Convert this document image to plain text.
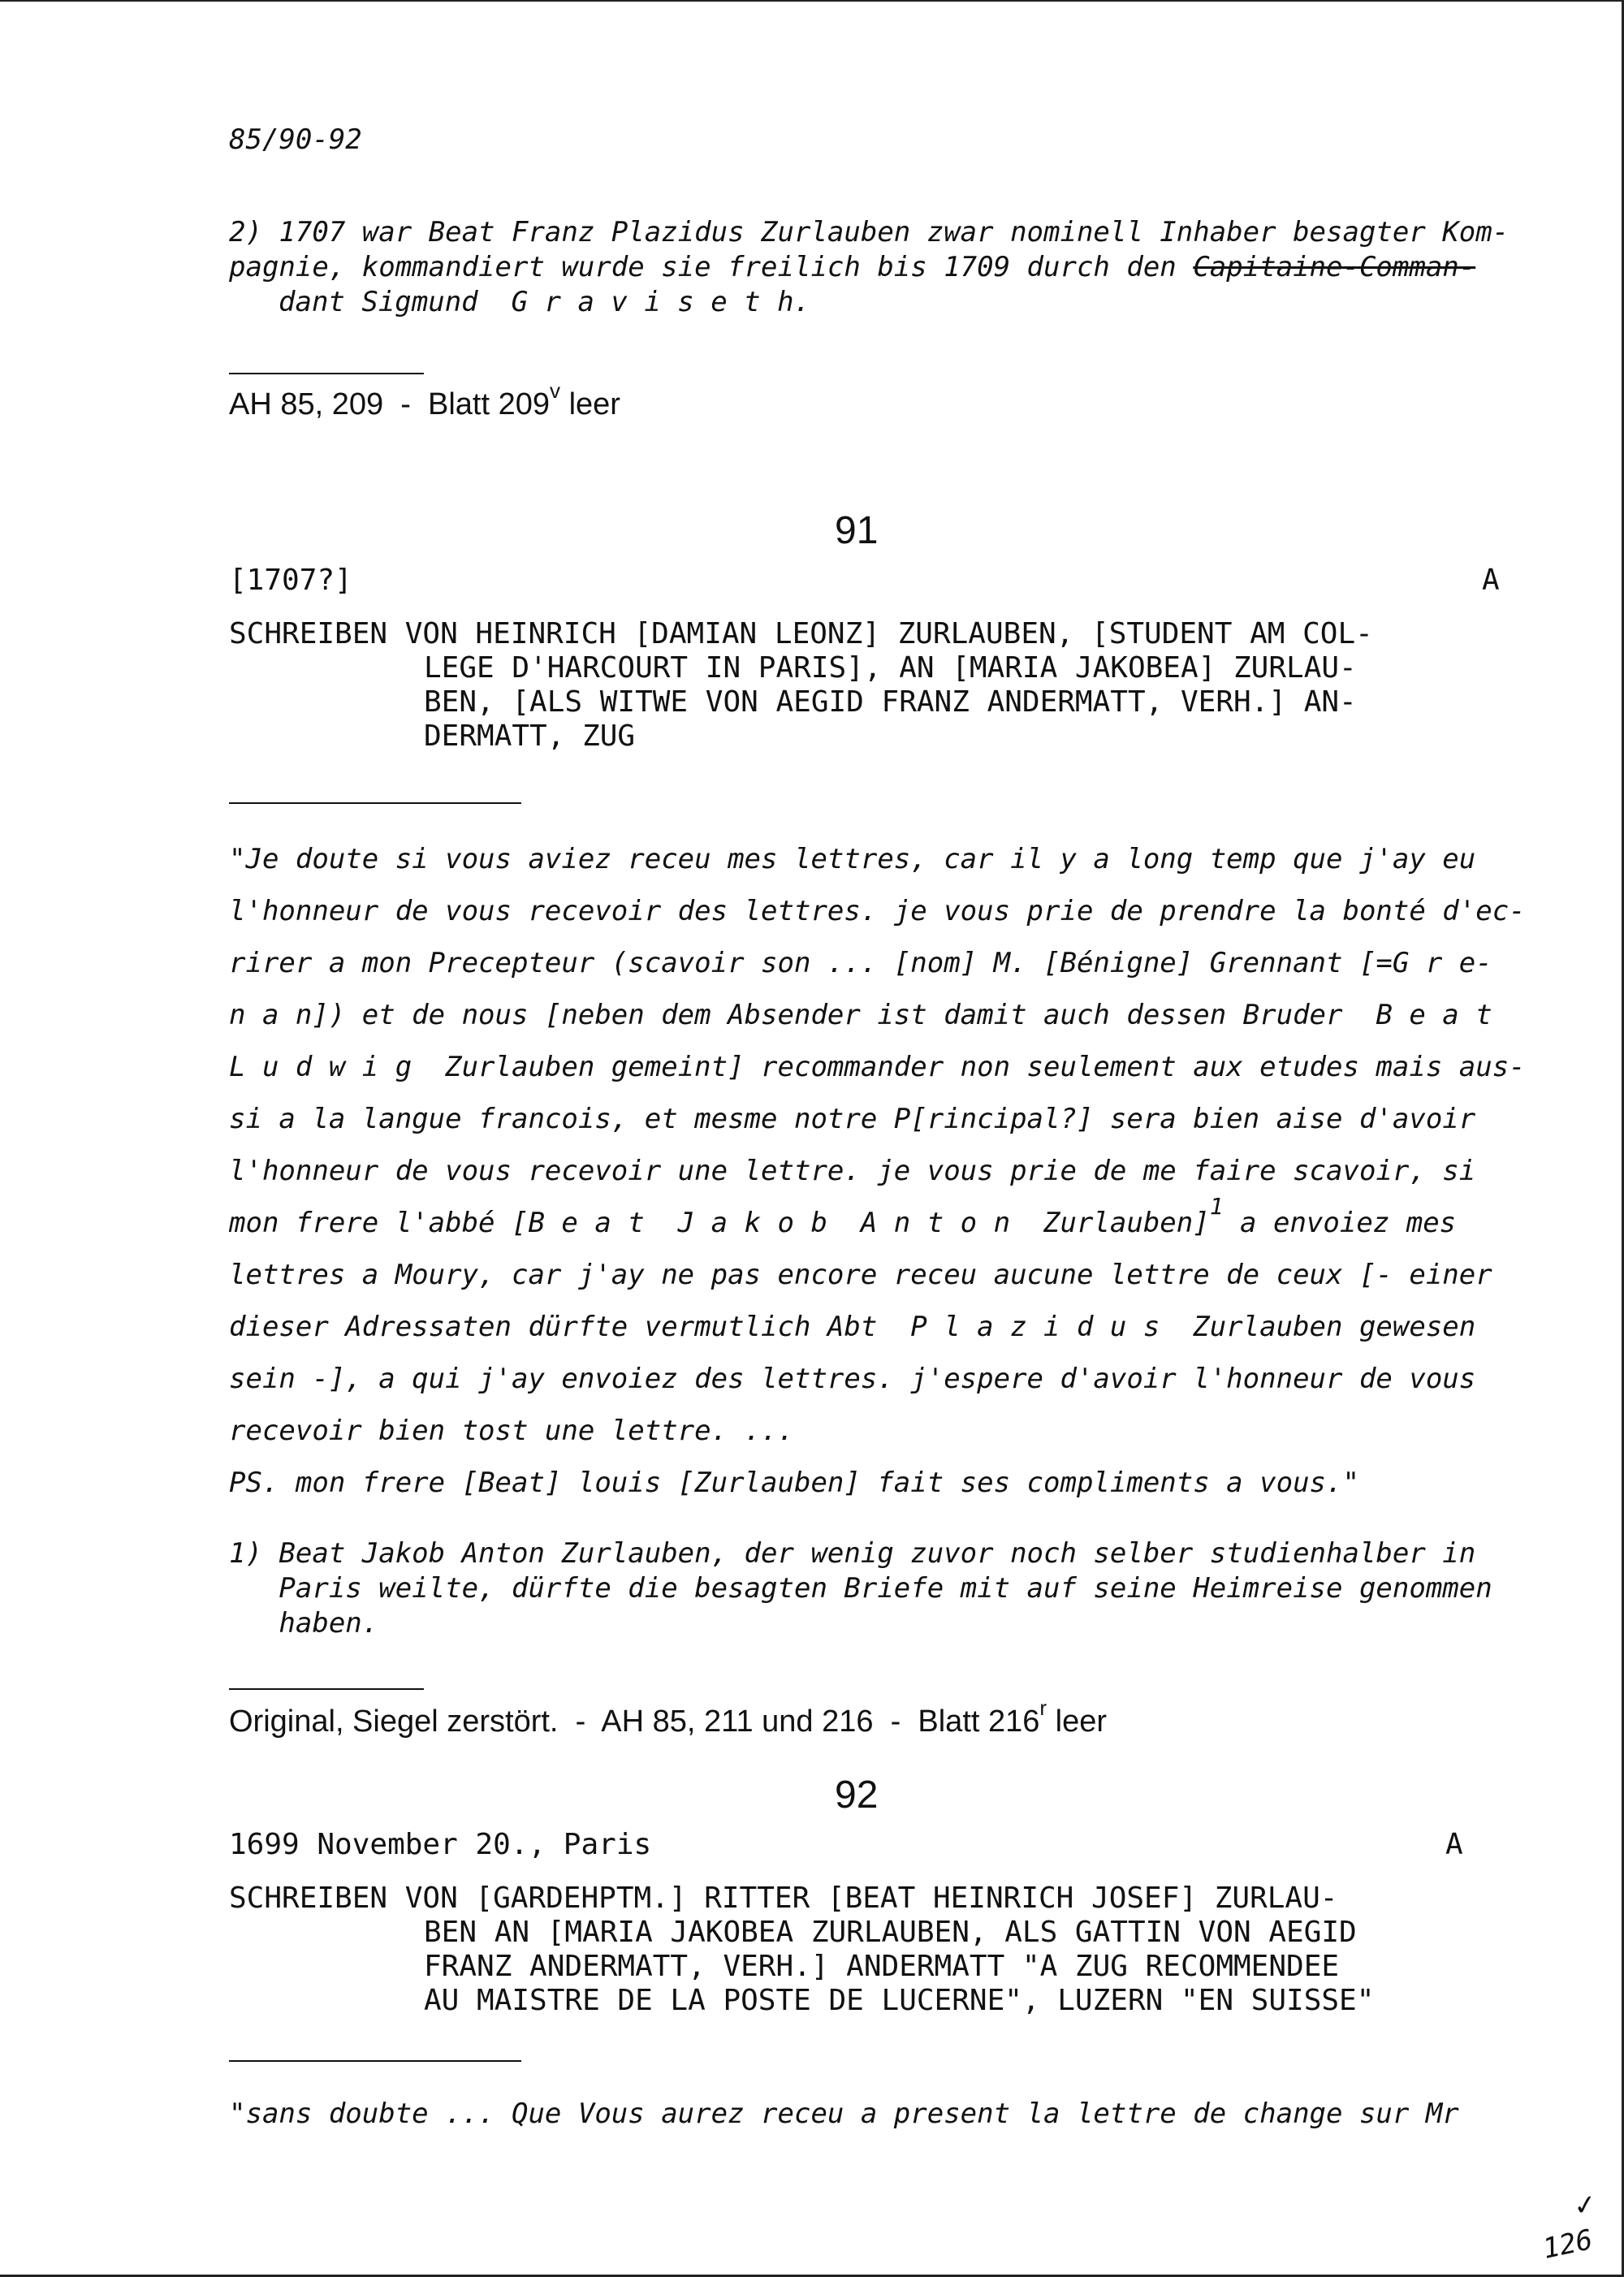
85/90-92
2) 1707 war Beat Franz Plazidus Zurlauben zwar nominell Inhaber besagter Kom-
pagnie, kommandiert wurde sie freilich bis 1709 durch den Capitaine-Comman-
dant Sigmund  G r a v i s e t h.
AH 85, 209  -  Blatt 209$^v$ leer
91
[1707?]	A
SCHREIBEN VON HEINRICH [DAMIAN LEONZ] ZURLAUBEN, [STUDENT AM COL-
LEGE D'HARCOURT IN PARIS], AN [MARIA JAKOBEA] ZURLAU-
BEN, [ALS WITWE VON AEGID FRANZ ANDERMATT, VERH.] AN-
DERMATT, ZUG
"Je doute si vous aviez receu mes lettres, car il y a long temp que j'ay eu
l'honneur de vous recevoir des lettres. je vous prie de prendre la bonté d'ec-
rirer a mon Precepteur (scavoir son ... [nom] M. [Bénigne] Grennant [=G r e-
n a n]) et de nous [neben dem Absender ist damit auch dessen Bruder  B e a t
L u d w i g  Zurlauben gemeint] recommander non seulement aux etudes mais aus-
si a la langue francois, et mesme notre P[rincipal?] sera bien aise d'avoir
l'honneur de vous recevoir une lettre. je vous prie de me faire scavoir, si
mon frere l'abbé [B e a t  J a k o b  A n t o n  Zurlauben]$^1$ a envoiez mes
lettres a Moury, car j'ay ne pas encore receu aucune lettre de ceux [- einer
dieser Adressaten dürfte vermutlich Abt  P l a z i d u s  Zurlauben gewesen
sein -], a qui j'ay envoiez des lettres. j'espere d'avoir l'honneur de vous
recevoir bien tost une lettre. ...
PS. mon frere [Beat] louis [Zurlauben] fait ses compliments a vous."
1) Beat Jakob Anton Zurlauben, der wenig zuvor noch selber studienhalber in
Paris weilte, dürfte die besagten Briefe mit auf seine Heimreise genommen
haben.
Original, Siegel zerstört.  -  AH 85, 211 und 216  -  Blatt 216$^r$ leer
92
1699 November 20., Paris	A
SCHREIBEN VON [GARDEHPTM.] RITTER [BEAT HEINRICH JOSEF] ZURLAU-
BEN AN [MARIA JAKOBEA ZURLAUBEN, ALS GATTIN VON AEGID
FRANZ ANDERMATT, VERH.] ANDERMATT "A ZUG RECOMMENDEE
AU MAISTRE DE LA POSTE DE LUCERNE", LUZERN "EN SUISSE"
"sans doubte ... Que Vous aurez receu a present la lettre de change sur Mr
✓
126
